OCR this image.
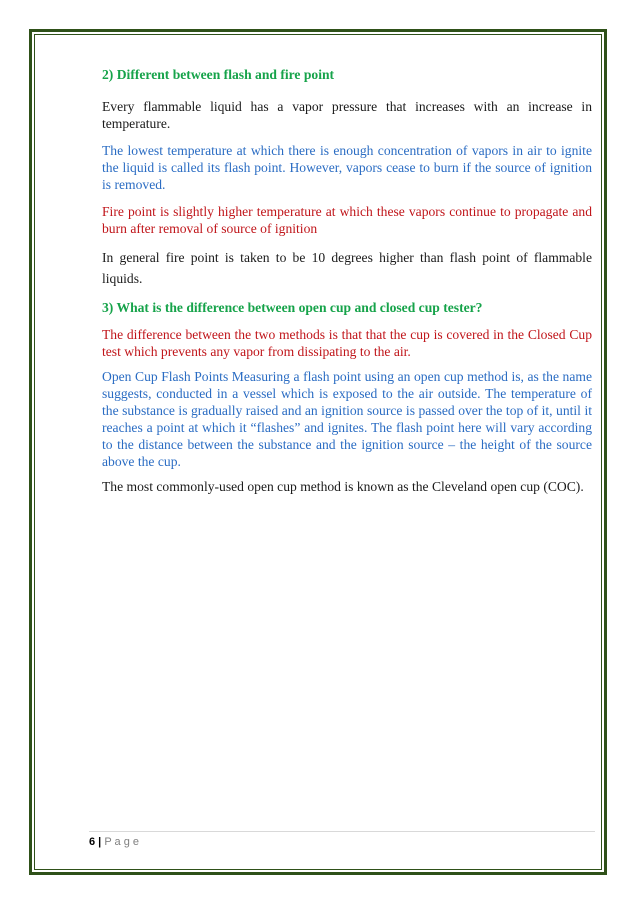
2) Different between flash and fire point

Every flammable liquid has a vapor pressure that increases with an increase in temperature.

The lowest temperature at which there is enough concentration of vapors in air to ignite the liquid is called its flash point. However, vapors cease to burn if the source of ignition is removed.

Fire point is slightly higher temperature at which these vapors continue to propagate and burn after removal of source of ignition

In general fire point is taken to be 10 degrees higher than flash point of flammable liquids.

3) What is the difference between open cup and closed cup tester?

The difference between the two methods is that that the cup is covered in the Closed Cup test which prevents any vapor from dissipating to the air.

Open Cup Flash Points Measuring a flash point using an open cup method is, as the name suggests, conducted in a vessel which is exposed to the air outside. The temperature of the substance is gradually raised and an ignition source is passed over the top of it, until it reaches a point at which it “flashes” and ignites. The flash point here will vary according to the distance between the substance and the ignition source – the height of the source above the cup.

The most commonly-used open cup method is known as the Cleveland open cup (COC).

6 | P a g e
